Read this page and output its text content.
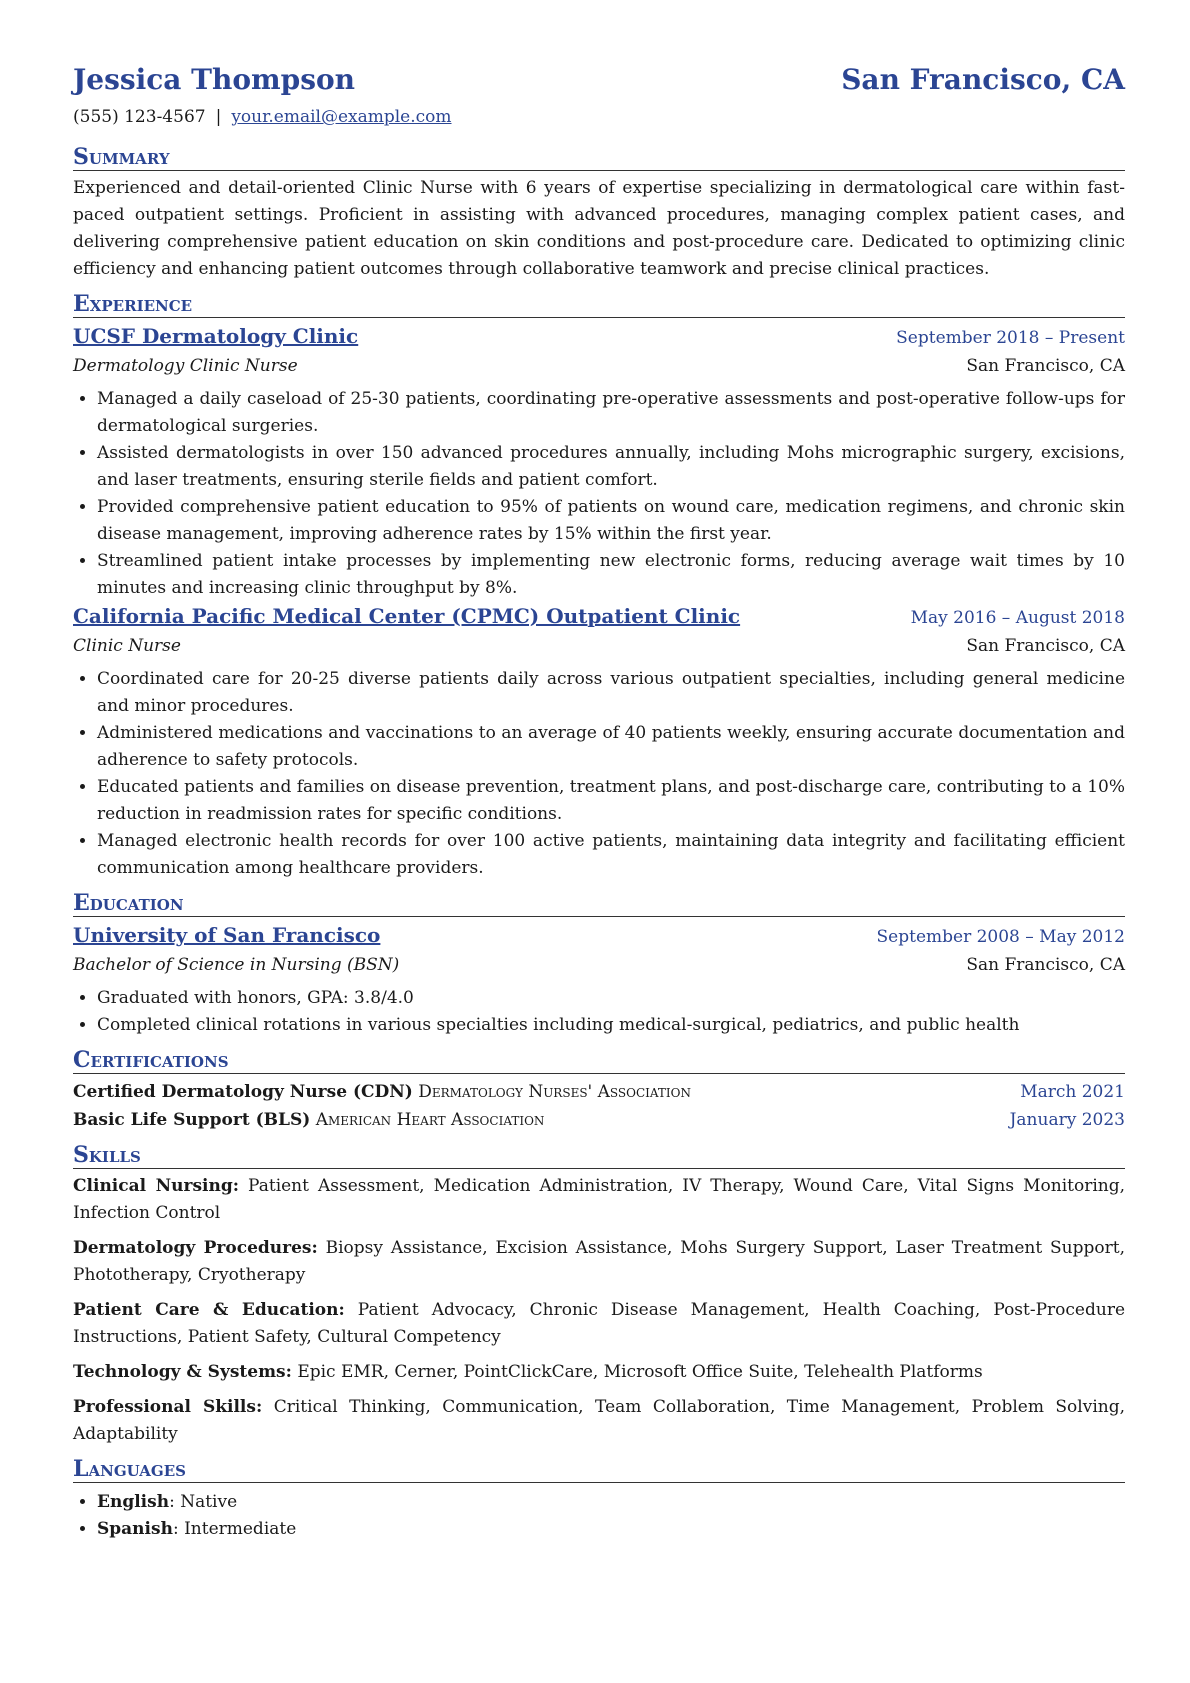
Jessica Thompson	San Francisco, CA
(555) 123-4567 | your.email@example.com
Summary

Experienced and detail-oriented Clinic Nurse with 6 years of expertise specializing in dermatological care within fast-paced outpatient settings. Proficient in assisting with advanced procedures, managing complex patient cases, and delivering comprehensive patient education on skin conditions and post-procedure care. Dedicated to optimizing clinic efficiency and enhancing patient outcomes through collaborative teamwork and precise clinical practices.

Experience
UCSF Dermatology Clinic	September 2018 – Present
Dermatology Clinic Nurse	San Francisco, CA
• Managed a daily caseload of 25-30 patients, coordinating pre-operative assessments and post-operative follow-ups for dermatological surgeries.
• Assisted dermatologists in over 150 advanced procedures annually, including Mohs micrographic surgery, excisions, and laser treatments, ensuring sterile fields and patient comfort.
• Provided comprehensive patient education to 95% of patients on wound care, medication regimens, and chronic skin disease management, improving adherence rates by 15% within the first year.
• Streamlined patient intake processes by implementing new electronic forms, reducing average wait times by 10 minutes and increasing clinic throughput by 8%.
California Pacific Medical Center (CPMC) Outpatient Clinic	May 2016 – August 2018
Clinic Nurse	San Francisco, CA
• Coordinated care for 20-25 diverse patients daily across various outpatient specialties, including general medicine and minor procedures.
• Administered medications and vaccinations to an average of 40 patients weekly, ensuring accurate documentation and adherence to safety protocols.
• Educated patients and families on disease prevention, treatment plans, and post-discharge care, contributing to a 10% reduction in readmission rates for specific conditions.
• Managed electronic health records for over 100 active patients, maintaining data integrity and facilitating efficient communication among healthcare providers.
Education
University of San Francisco	September 2008 – May 2012
Bachelor of Science in Nursing (BSN)	San Francisco, CA
• Graduated with honors, GPA: 3.8/4.0
• Completed clinical rotations in various specialties including medical-surgical, pediatrics, and public health
Certifications
Certified Dermatology Nurse (CDN) Dermatology Nurses' Association	March 2021
Basic Life Support (BLS) American Heart Association	January 2023
Skills

Clinical Nursing: Patient Assessment, Medication Administration, IV Therapy, Wound Care, Vital Signs Monitoring, Infection Control

Dermatology Procedures: Biopsy Assistance, Excision Assistance, Mohs Surgery Support, Laser Treatment Support, Phototherapy, Cryotherapy

Patient Care & Education: Patient Advocacy, Chronic Disease Management, Health Coaching, Post-Procedure Instructions, Patient Safety, Cultural Competency

Technology & Systems: Epic EMR, Cerner, PointClickCare, Microsoft Office Suite, Telehealth Platforms

Professional Skills: Critical Thinking, Communication, Team Collaboration, Time Management, Problem Solving, Adaptability

Languages
• English: Native
• Spanish: Intermediate
